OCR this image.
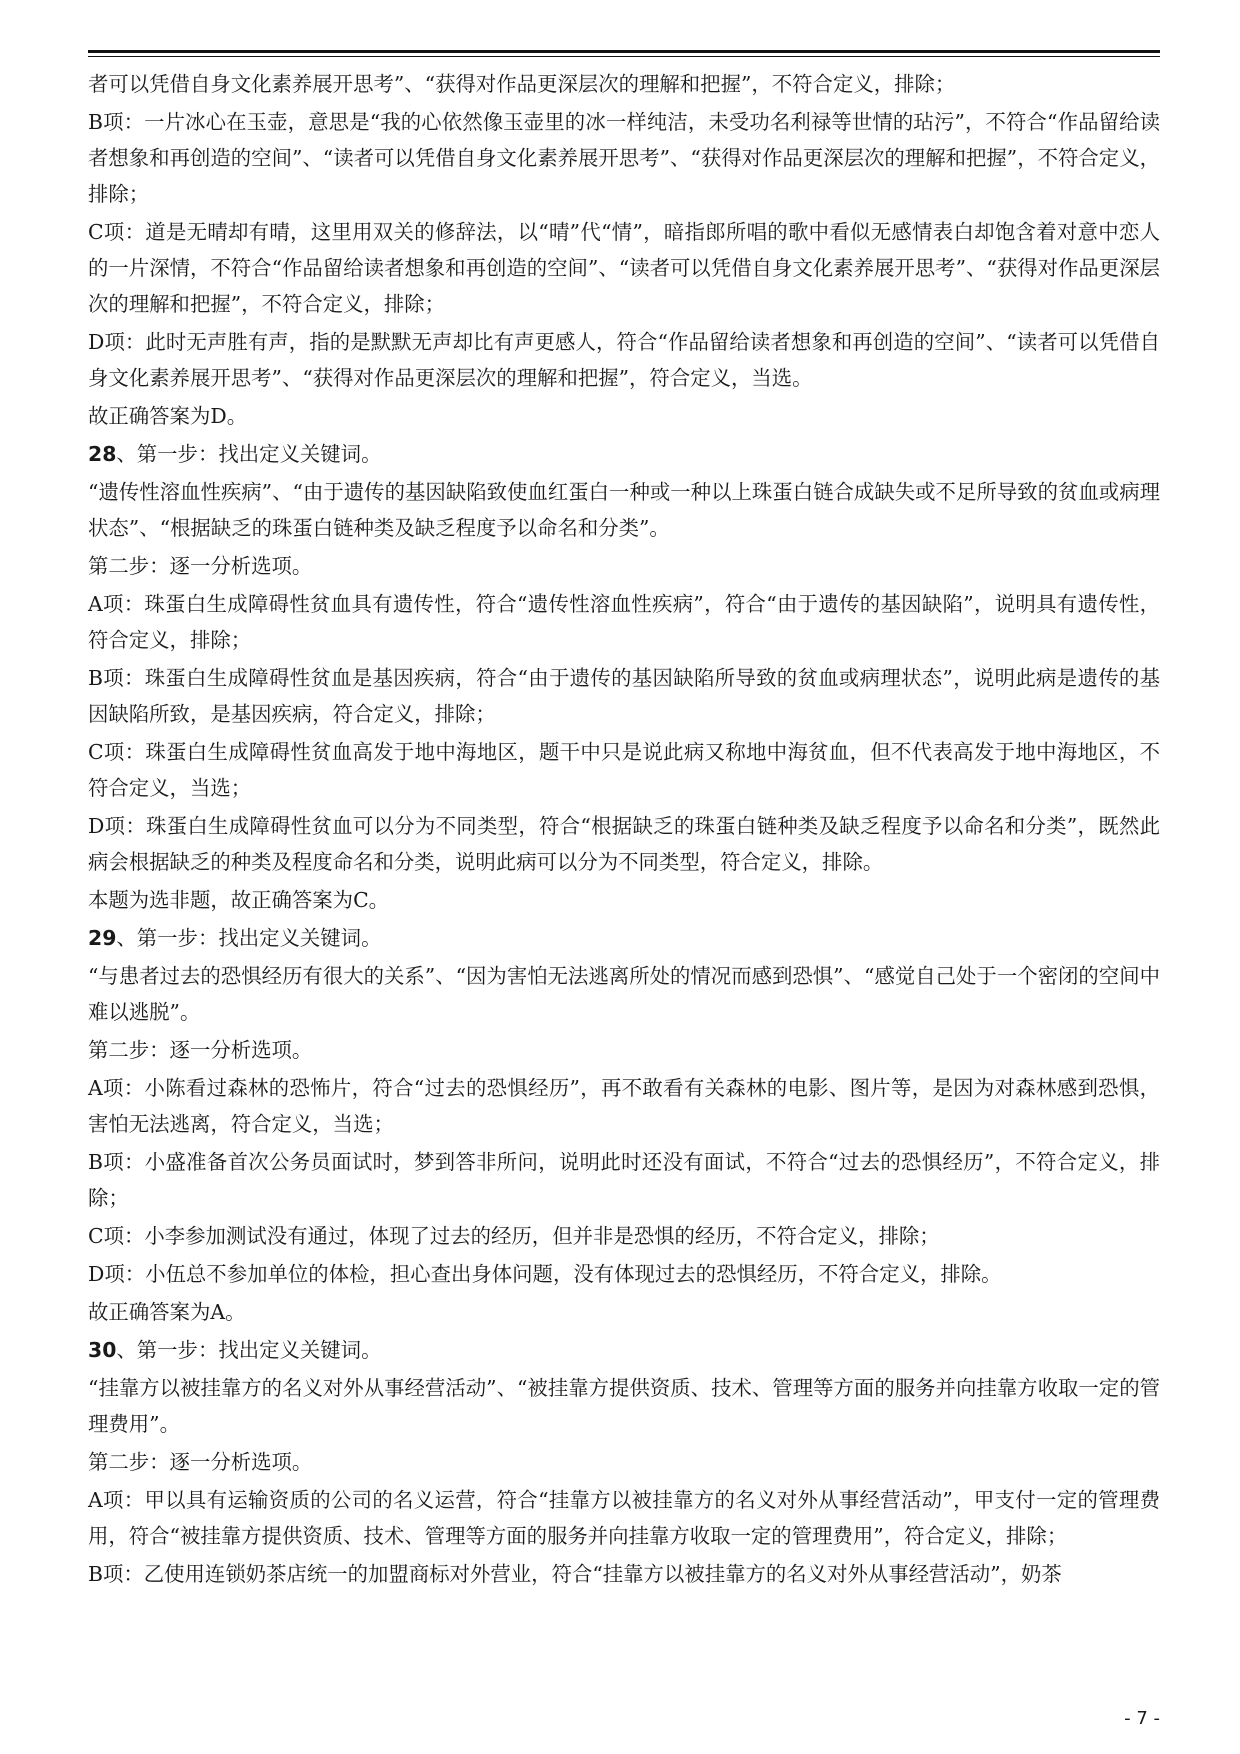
者可以凭借自身文化素养展开思考”、“获得对作品更深层次的理解和把握”，不符合定义，排除；

B项：一片冰心在玉壶，意思是“我的心依然像玉壶里的冰一样纯洁，未受功名利禄等世情的玷污”，不符合“作品留给读者想象和再创造的空间”、“读者可以凭借自身文化素养展开思考”、“获得对作品更深层次的理解和把握”，不符合定义，排除；

C项：道是无晴却有晴，这里用双关的修辞法，以“晴”代“情”，暗指郎所唱的歌中看似无感情表白却饱含着对意中恋人的一片深情，不符合“作品留给读者想象和再创造的空间”、“读者可以凭借自身文化素养展开思考”、“获得对作品更深层次的理解和把握”，不符合定义，排除；

D项：此时无声胜有声，指的是默默无声却比有声更感人，符合“作品留给读者想象和再创造的空间”、“读者可以凭借自身文化素养展开思考”、“获得对作品更深层次的理解和把握”，符合定义，当选。

故正确答案为D。

28、第一步：找出定义关键词。

“遗传性溶血性疾病”、“由于遗传的基因缺陷致使血红蛋白一种或一种以上珠蛋白链合成缺失或不足所导致的贫血或病理状态”、“根据缺乏的珠蛋白链种类及缺乏程度予以命名和分类”。

第二步：逐一分析选项。

A项：珠蛋白生成障碍性贫血具有遗传性，符合“遗传性溶血性疾病”，符合“由于遗传的基因缺陷”，说明具有遗传性，符合定义，排除；

B项：珠蛋白生成障碍性贫血是基因疾病，符合“由于遗传的基因缺陷所导致的贫血或病理状态”，说明此病是遗传的基因缺陷所致，是基因疾病，符合定义，排除；

C项：珠蛋白生成障碍性贫血高发于地中海地区，题干中只是说此病又称地中海贫血，但不代表高发于地中海地区，不符合定义，当选；

D项：珠蛋白生成障碍性贫血可以分为不同类型，符合“根据缺乏的珠蛋白链种类及缺乏程度予以命名和分类”，既然此病会根据缺乏的种类及程度命名和分类，说明此病可以分为不同类型，符合定义，排除。

本题为选非题，故正确答案为C。

29、第一步：找出定义关键词。

“与患者过去的恐惧经历有很大的关系”、“因为害怕无法逃离所处的情况而感到恐惧”、“感觉自己处于一个密闭的空间中难以逃脱”。

第二步：逐一分析选项。

A项：小陈看过森林的恐怖片，符合“过去的恐惧经历”，再不敢看有关森林的电影、图片等，是因为对森林感到恐惧，害怕无法逃离，符合定义，当选；

B项：小盛准备首次公务员面试时，梦到答非所问，说明此时还没有面试，不符合“过去的恐惧经历”，不符合定义，排除；

C项：小李参加测试没有通过，体现了过去的经历，但并非是恐惧的经历，不符合定义，排除；

D项：小伍总不参加单位的体检，担心查出身体问题，没有体现过去的恐惧经历，不符合定义，排除。

故正确答案为A。

30、第一步：找出定义关键词。

“挂靠方以被挂靠方的名义对外从事经营活动”、“被挂靠方提供资质、技术、管理等方面的服务并向挂靠方收取一定的管理费用”。

第二步：逐一分析选项。

A项：甲以具有运输资质的公司的名义运营，符合“挂靠方以被挂靠方的名义对外从事经营活动”，甲支付一定的管理费用，符合“被挂靠方提供资质、技术、管理等方面的服务并向挂靠方收取一定的管理费用”，符合定义，排除；

B项：乙使用连锁奶茶店统一的加盟商标对外营业，符合“挂靠方以被挂靠方的名义对外从事经营活动”，奶茶

- 7 -
